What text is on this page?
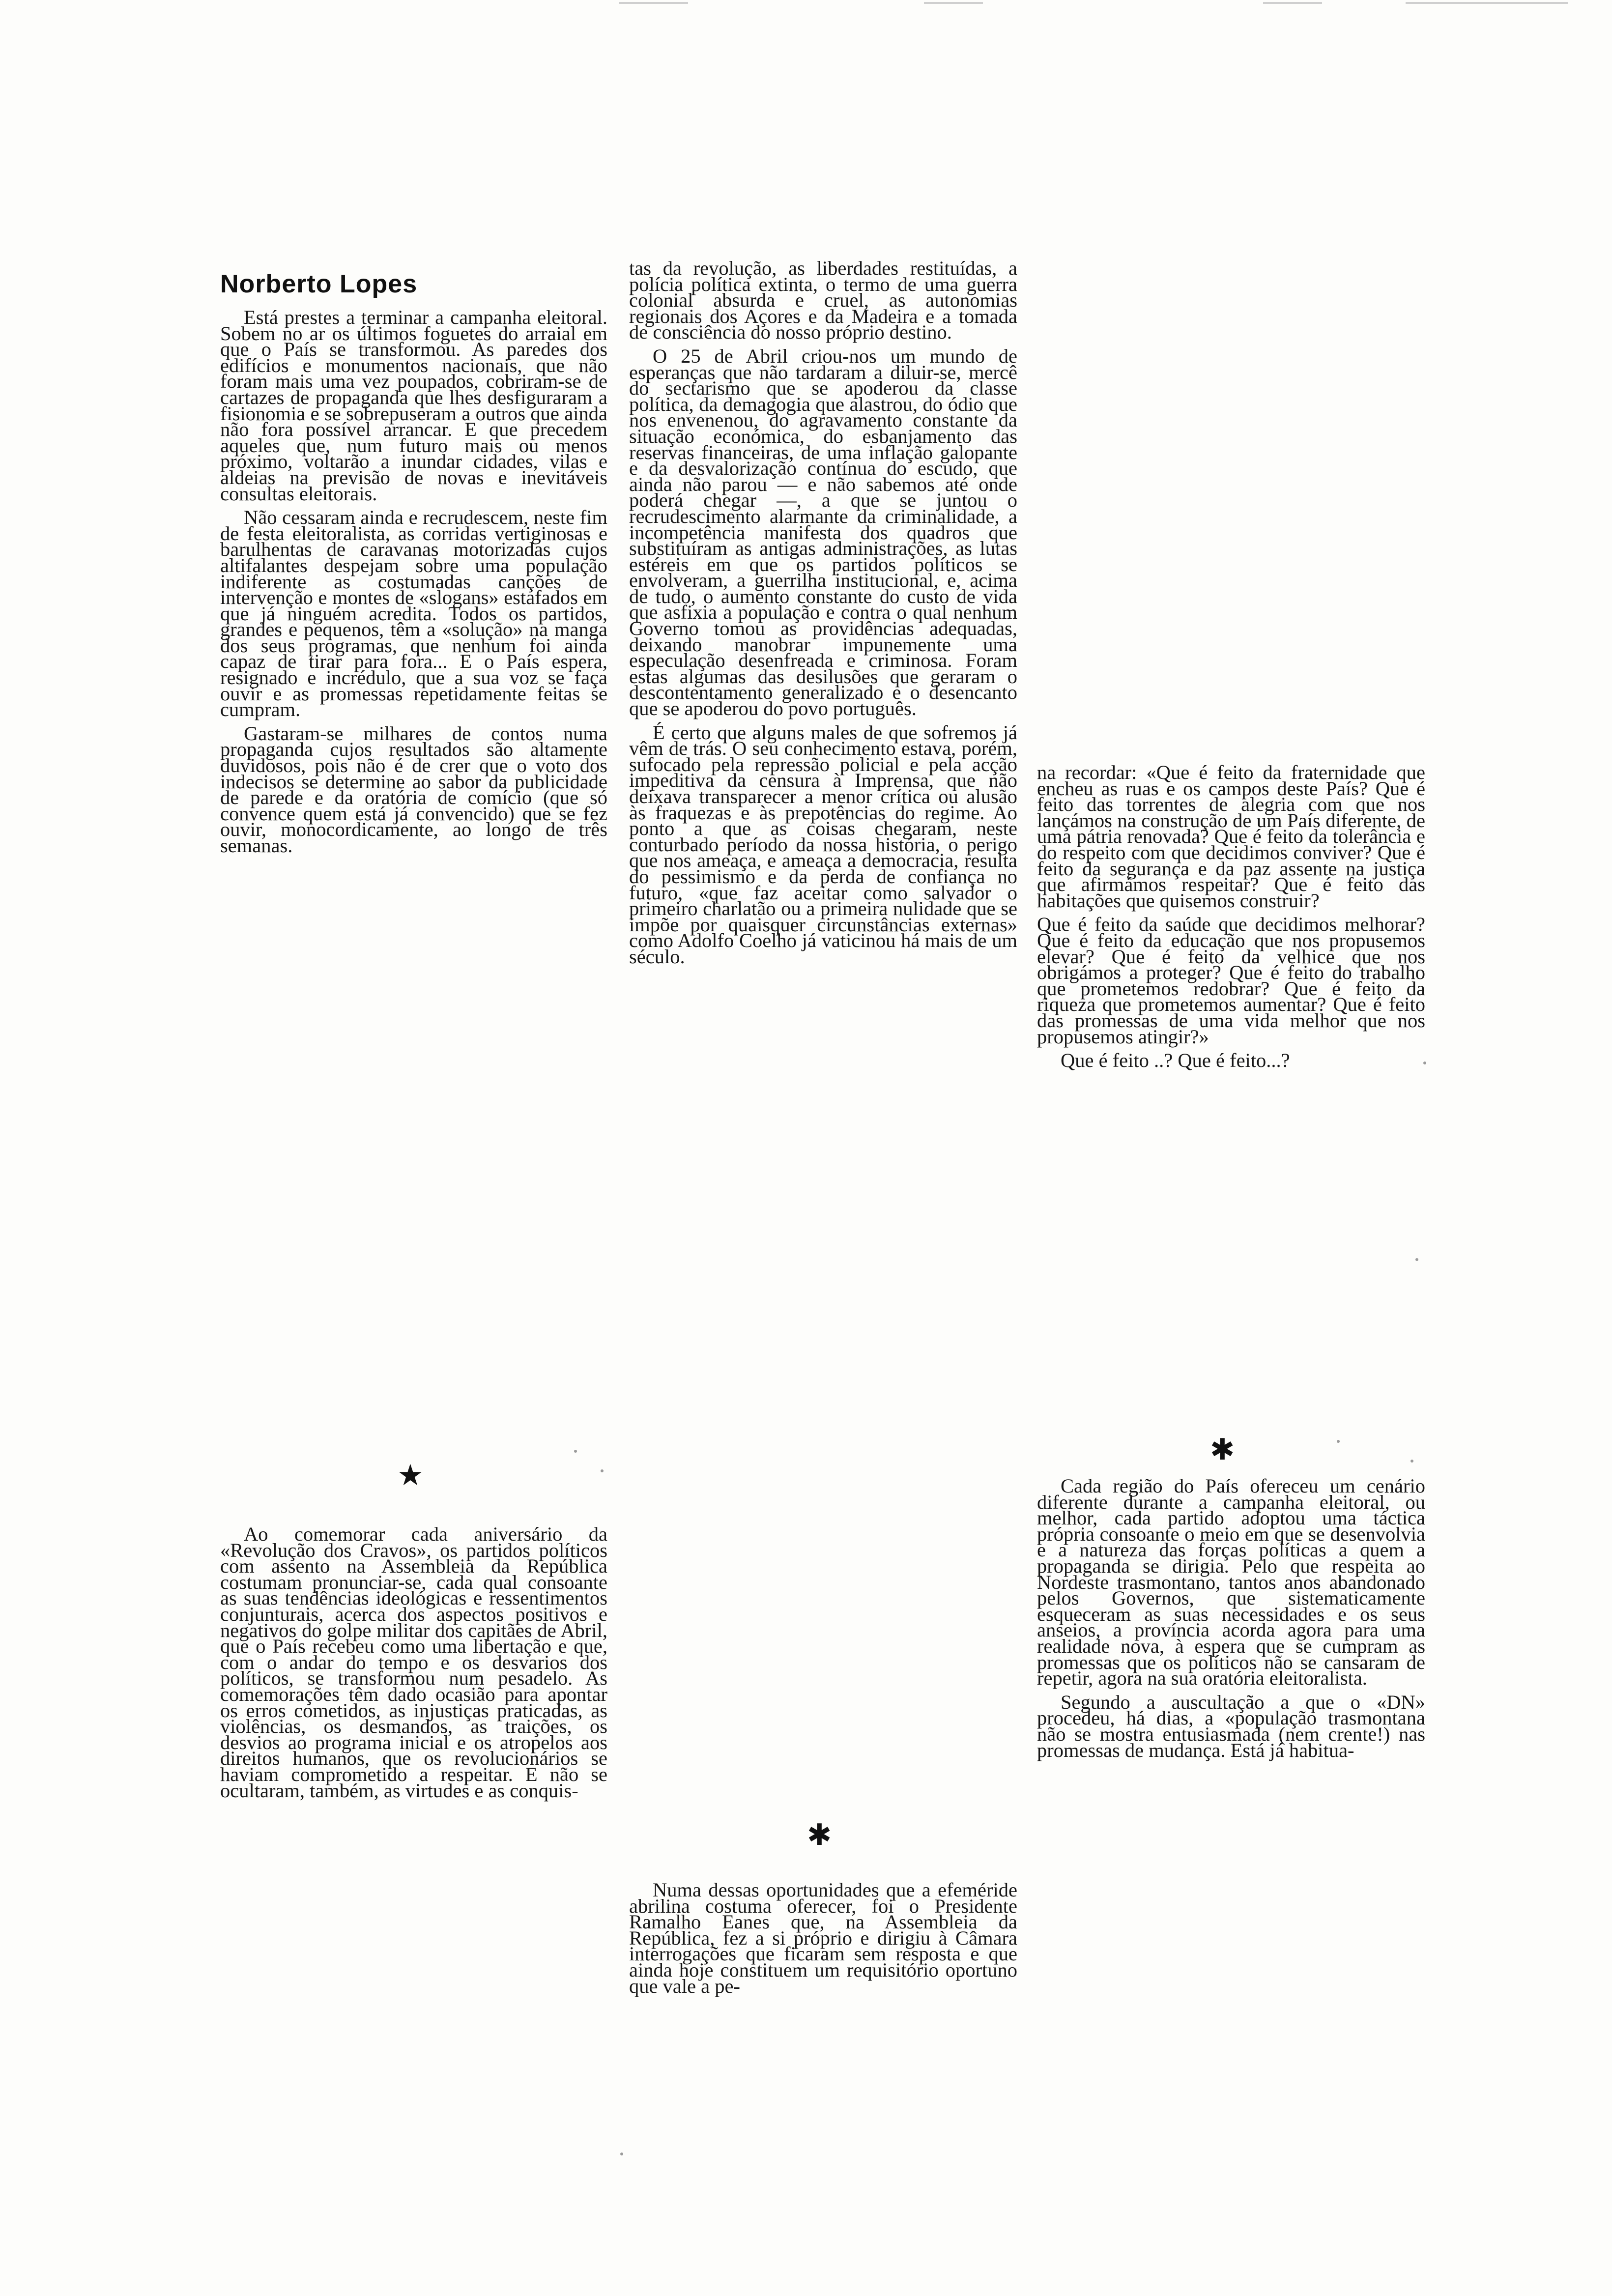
Norberto Lopes

Está prestes a terminar a campanha eleitoral. Sobem no ar os últimos foguetes do arraial em que o País se transformou. As paredes dos edifícios e monumentos nacionais, que não foram mais uma vez poupados, cobriram-se de cartazes de propaganda que lhes desfiguraram a fisionomia e se sobrepuseram a outros que ainda não fora possível arrancar. E que precedem aqueles que, num futuro mais ou menos próximo, voltarão a inundar cidades, vilas e aldeias na previsão de novas e inevitáveis consultas eleitorais.

Não cessaram ainda e recrudescem, neste fim de festa eleitoralista, as corridas vertiginosas e barulhentas de caravanas motorizadas cujos altifalantes despejam sobre uma população indiferente as costumadas canções de intervenção e montes de «slogans» estafados em que já ninguém acredita. Todos os partidos, grandes e pequenos, têm a «solução» na manga dos seus programas, que nenhum foi ainda capaz de tirar para fora... E o País espera, resignado e incrédulo, que a sua voz se faça ouvir e as promessas repetidamente feitas se cumpram.

Gastaram-se milhares de contos numa propaganda cujos resultados são altamente duvidosos, pois não é de crer que o voto dos indecisos se determine ao sabor da publicidade de parede e da oratória de comício (que só convence quem está já convencido) que se fez ouvir, monocordicamente, ao longo de três semanas.

★

Ao comemorar cada aniversário da «Revolução dos Cravos», os partidos políticos com assento na Assembleia da República costumam pronunciar-se, cada qual consoante as suas tendências ideológicas e ressentimentos conjunturais, acerca dos aspectos positivos e negativos do golpe militar dos capitães de Abril, que o País recebeu como uma libertação e que, com o andar do tempo e os desvarios dos políticos, se transformou num pesadelo. As comemorações têm dado ocasião para apontar os erros cometidos, as injustiças praticadas, as violências, os desmandos, as traições, os desvios ao programa inicial e os atropelos aos direitos humanos, que os revolucionários se haviam comprometido a respeitar. E não se ocultaram, também, as virtudes e as conquis-

tas da revolução, as liberdades restituídas, a polícia política extinta, o termo de uma guerra colonial absurda e cruel, as autonomias regionais dos Açores e da Madeira e a tomada de consciência do nosso próprio destino.

O 25 de Abril criou-nos um mundo de esperanças que não tardaram a diluir-se, mercê do sectarismo que se apoderou da classe política, da demagogia que alastrou, do ódio que nos envenenou, do agravamento constante da situação económica, do esbanjamento das reservas financeiras, de uma inflação galopante e da desvalorização contínua do escudo, que ainda não parou — e não sabemos até onde poderá chegar —, a que se juntou o recrudescimento alarmante da criminalidade, a incompetência manifesta dos quadros que substituíram as antigas administrações, as lutas estéreis em que os partidos políticos se envolveram, a guerrilha institucional, e, acima de tudo, o aumento constante do custo de vida que asfixia a população e contra o qual nenhum Governo tomou as providências adequadas, deixando manobrar impunemente uma especulação desenfreada e criminosa. Foram estas algumas das desilusões que geraram o descontentamento generalizado e o desencanto que se apoderou do povo português.

É certo que alguns males de que sofremos já vêm de trás. O seu conhecimento estava, porém, sufocado pela repressão policial e pela acção impeditiva da censura à Imprensa, que não deixava transparecer a menor crítica ou alusão às fraquezas e às prepotências do regime. Ao ponto a que as coisas chegaram, neste conturbado período da nossa história, o perigo que nos ameaça, e ameaça a democracia, resulta do pessimismo e da perda de confiança no futuro, «que faz aceitar como salvador o primeiro charlatão ou a primeira nulidade que se impõe por quaisquer circunstâncias externas» como Adolfo Coelho já vaticinou há mais de um século.

✱

Numa dessas oportunidades que a efeméride abrilina costuma oferecer, foi o Presidente Ramalho Eanes que, na Assembleia da República, fez a si próprio e dirigiu à Câmara interrogações que ficaram sem resposta e que ainda hoje constituem um requisitório oportuno que vale a pe-

na recordar: «Que é feito da fraternidade que encheu as ruas e os campos deste País? Que é feito das torrentes de alegria com que nos lançámos na construção de um País diferente, de uma pátria renovada? Que é feito da tolerância e do respeito com que decidimos conviver? Que é feito da segurança e da paz assente na justiça que afirmámos respeitar? Que é feito das habitações que quisemos construir?

Que é feito da saúde que decidimos melhorar? Que é feito da educação que nos propusemos elevar? Que é feito da velhice que nos obrigámos a proteger? Que é feito do trabalho que prometemos redobrar? Que é feito da riqueza que prometemos aumentar? Que é feito das promessas de uma vida melhor que nos propusemos atingir?»

Que é feito ..? Que é feito...?

✱

Cada região do País ofereceu um cenário diferente durante a campanha eleitoral, ou melhor, cada partido adoptou uma táctica própria consoante o meio em que se desenvolvia e a natureza das forças políticas a quem a propaganda se dirigia. Pelo que respeita ao Nordeste trasmontano, tantos anos abandonado pelos Governos, que sistematicamente esqueceram as suas necessidades e os seus anseios, a província acorda agora para uma realidade nova, à espera que se cumpram as promessas que os políticos não se cansaram de repetir, agora na sua oratória eleitoralista.

Segundo a auscultação a que o «DN» procedeu, há dias, a «população trasmontana não se mostra entusiasmada (nem crente!) nas promessas de mudança. Está já habitua-
